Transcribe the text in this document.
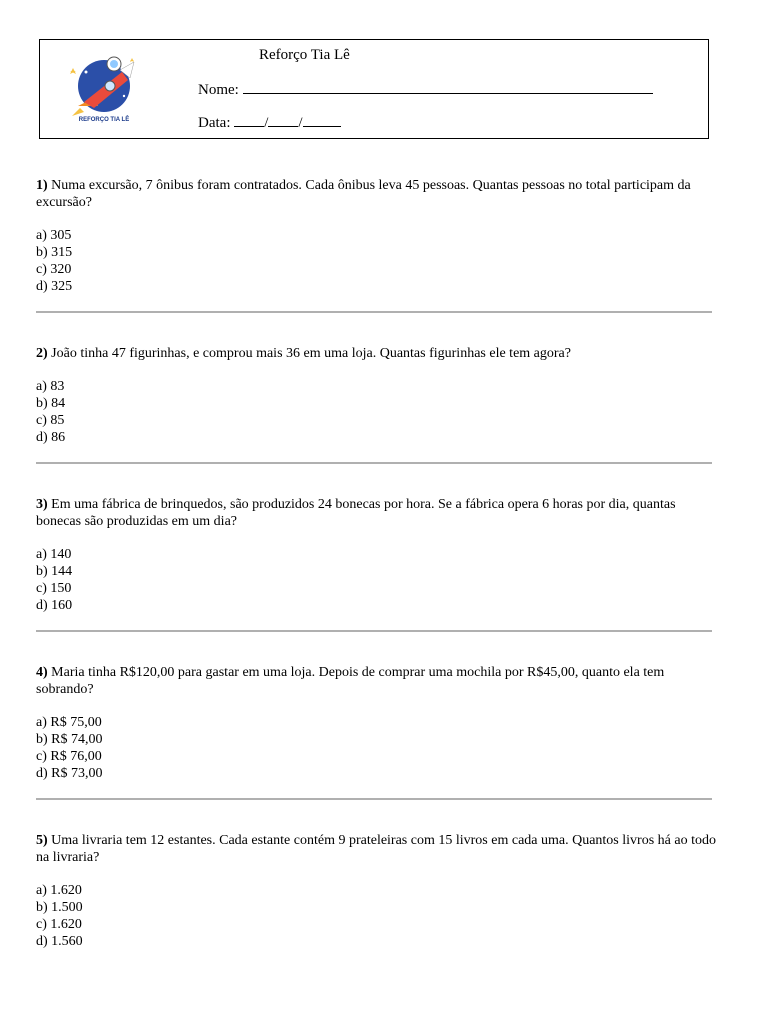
REFORÇO TIA LÊ
Reforço Tia Lê
Nome:
Data: / /

1) Numa excursão, 7 ônibus foram contratados. Cada ônibus leva 45 pessoas. Quantas pessoas no total participam da excursão?

a) 305
b) 315
c) 320
d) 325

2) João tinha 47 figurinhas, e comprou mais 36 em uma loja. Quantas figurinhas ele tem agora?

a) 83
b) 84
c) 85
d) 86

3) Em uma fábrica de brinquedos, são produzidos 24 bonecas por hora. Se a fábrica opera 6 horas por dia, quantas bonecas são produzidas em um dia?

a) 140
b) 144
c) 150
d) 160

4) Maria tinha R$120,00 para gastar em uma loja. Depois de comprar uma mochila por R$45,00, quanto ela tem sobrando?

a) R$ 75,00
b) R$ 74,00
c) R$ 76,00
d) R$ 73,00

5) Uma livraria tem 12 estantes. Cada estante contém 9 prateleiras com 15 livros em cada uma. Quantos livros há ao todo na livraria?

a) 1.620
b) 1.500
c) 1.620
d) 1.560
